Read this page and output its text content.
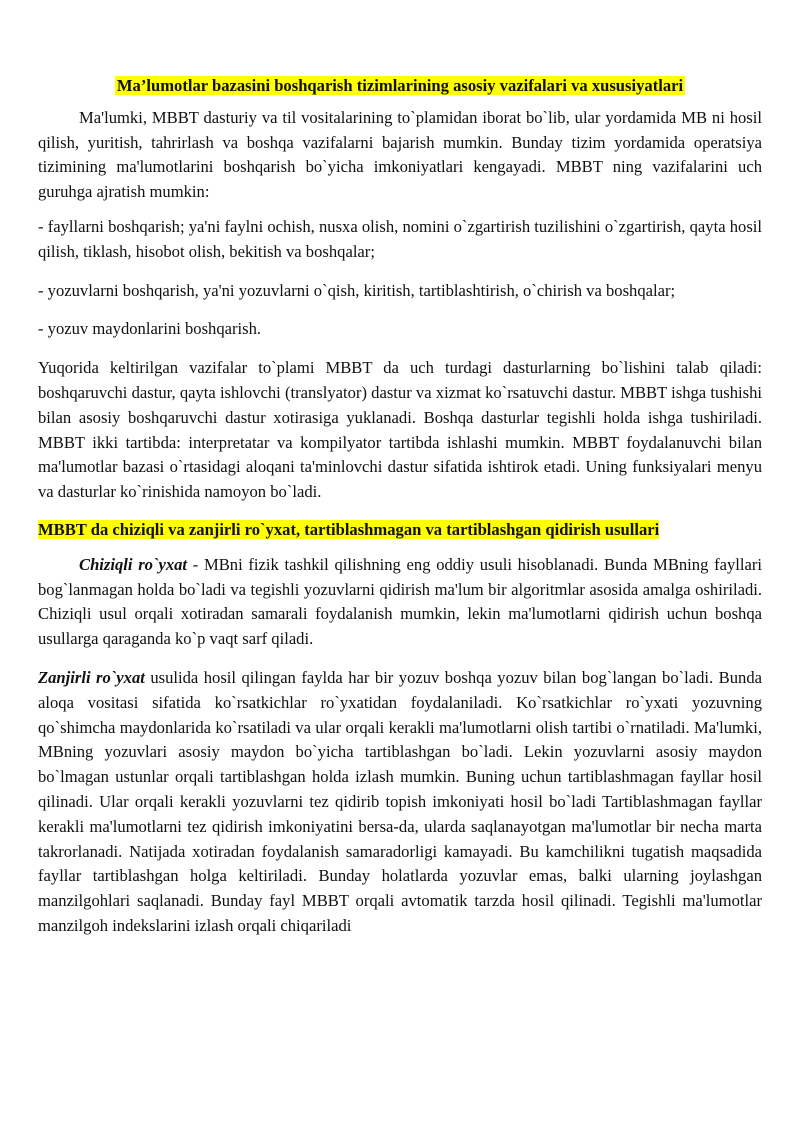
Ma’lumotlar bazasini boshqarish tizimlarining asosiy vazifalari va xususiyatlari

Ma'lumki, MBBT dasturiy va til vositalarining to`plamidan iborat bo`lib, ular yordamida MB ni hosil qilish, yuritish, tahrirlash va boshqa vazifalarni bajarish mumkin. Bunday tizim yordamida operatsiya tizimining ma'lumotlarini boshqarish bo`yicha imkoniyatlari kengayadi. MBBT ning vazifalarini uch guruhga ajratish mumkin:

- fayllarni boshqarish; ya'ni faylni ochish, nusxa olish, nomini o`zgartirish tuzilishini o`zgartirish, qayta hosil qilish, tiklash, hisobot olish, bekitish va boshqalar;

- yozuvlarni boshqarish, ya'ni yozuvlarni o`qish, kiritish, tartiblashtirish, o`chirish va boshqalar;

- yozuv maydonlarini boshqarish.

Yuqorida keltirilgan vazifalar to`plami MBBT da uch turdagi dasturlarning bo`lishini talab qiladi: boshqaruvchi dastur, qayta ishlovchi (translyator) dastur va xizmat ko`rsatuvchi dastur. MBBT ishga tushishi bilan asosiy boshqaruvchi dastur xotirasiga yuklanadi. Boshqa dasturlar tegishli holda ishga tushiriladi. MBBT ikki tartibda: interpretatar va kompilyator tartibda ishlashi mumkin. MBBT foydalanuvchi bilan ma'lumotlar bazasi o`rtasidagi aloqani ta'minlovchi dastur sifatida ishtirok etadi. Uning funksiyalari menyu va dasturlar ko`rinishida namoyon bo`ladi.

MBBT da chiziqli va zanjirli ro`yxat, tartiblashmagan va tartiblashgan qidirish usullari

Chiziqli ro`yxat - MBni fizik tashkil qilishning eng oddiy usuli hisoblanadi. Bunda MBning fayllari bog`lanmagan holda bo`ladi va tegishli yozuvlarni qidirish ma'lum bir algoritmlar asosida amalga oshiriladi. Chiziqli usul orqali xotiradan samarali foydalanish mumkin, lekin ma'lumotlarni qidirish uchun boshqa usullarga qaraganda ko`p vaqt sarf qiladi.

Zanjirli ro`yxat usulida hosil qilingan faylda har bir yozuv boshqa yozuv bilan bog`langan bo`ladi. Bunda aloqa vositasi sifatida ko`rsatkichlar ro`yxatidan foydalaniladi. Ko`rsatkichlar ro`yxati yozuvning qo`shimcha maydonlarida ko`rsatiladi va ular orqali kerakli ma'lumotlarni olish tartibi o`rnatiladi. Ma'lumki, MBning yozuvlari asosiy maydon bo`yicha tartiblashgan bo`ladi. Lekin yozuvlarni asosiy maydon bo`lmagan ustunlar orqali tartiblashgan holda izlash mumkin. Buning uchun tartiblashmagan fayllar hosil qilinadi. Ular orqali kerakli yozuvlarni tez qidirib topish imkoniyati hosil bo`ladi Tartiblashmagan fayllar kerakli ma'lumotlarni tez qidirish imkoniyatini bersa-da, ularda saqlanayotgan ma'lumotlar bir necha marta takrorlanadi. Natijada xotiradan foydalanish samaradorligi kamayadi. Bu kamchilikni tugatish maqsadida fayllar tartiblashgan holga keltiriladi. Bunday holatlarda yozuvlar emas, balki ularning joylashgan manzilgohlari saqlanadi. Bunday fayl MBBT orqali avtomatik tarzda hosil qilinadi. Tegishli ma'lumotlar manzilgoh indekslarini izlash orqali chiqariladi
